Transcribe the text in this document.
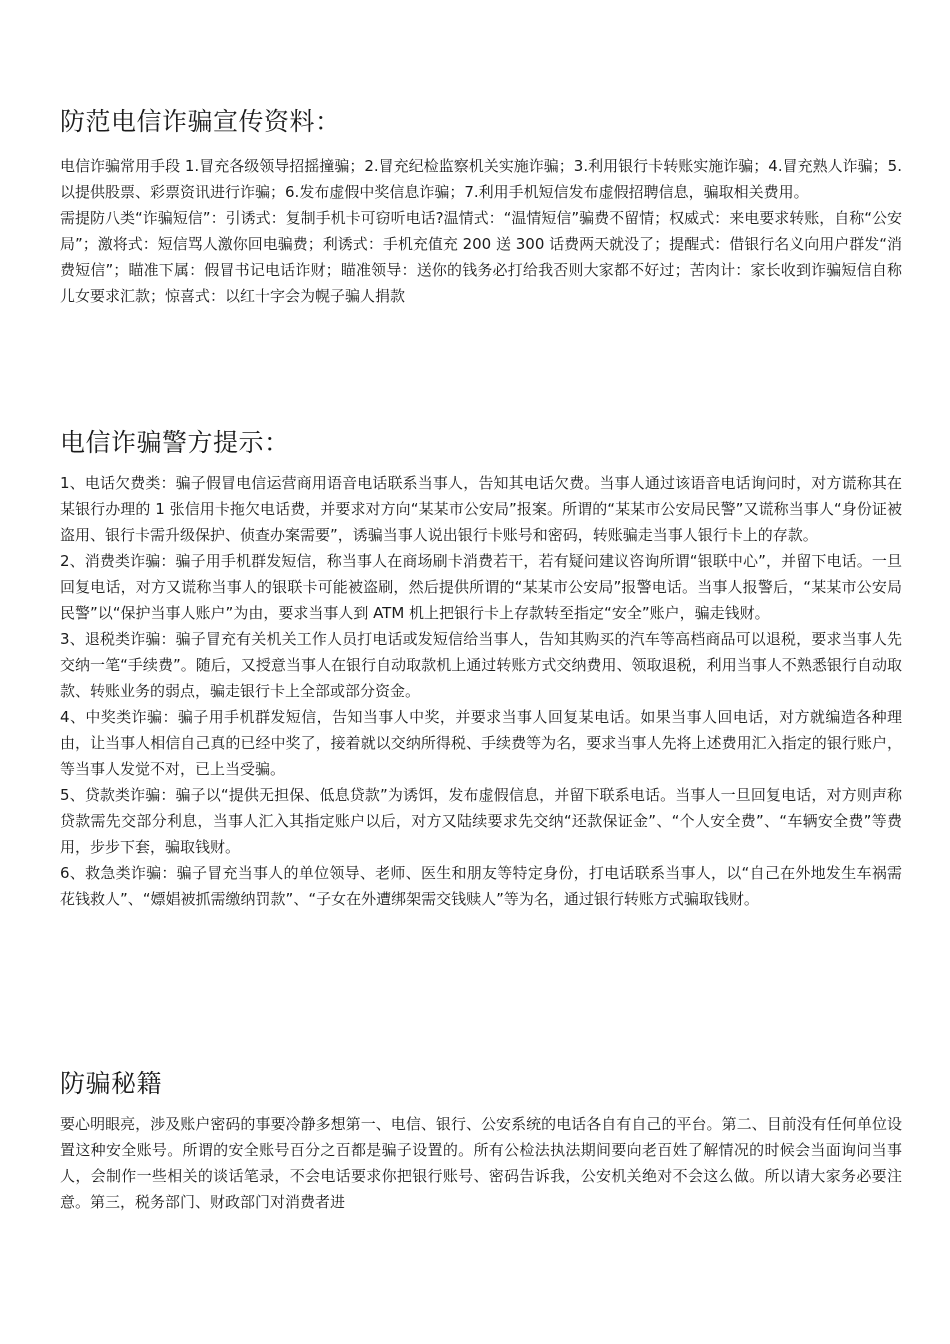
防范电信诈骗宣传资料：

电信诈骗常用手段 1.冒充各级领导招摇撞骗；2.冒充纪检监察机关实施诈骗；3.利用银行卡转账实施诈骗；4.冒充熟人诈骗；5.以提供股票、彩票资讯进行诈骗；6.发布虚假中奖信息诈骗；7.利用手机短信发布虚假招聘信息，骗取相关费用。

需提防八类“诈骗短信”：引诱式：复制手机卡可窃听电话?温情式：“温情短信”骗费不留情；权威式：来电要求转账，自称“公安局”；激将式：短信骂人激你回电骗费；利诱式：手机充值充 200 送 300 话费两天就没了；提醒式：借银行名义向用户群发“消费短信”；瞄准下属：假冒书记电话诈财；瞄准领导：送你的钱务必打给我否则大家都不好过；苦肉计：家长收到诈骗短信自称儿女要求汇款；惊喜式：以红十字会为幌子骗人捐款

电信诈骗警方提示：

1、电话欠费类：骗子假冒电信运营商用语音电话联系当事人，告知其电话欠费。当事人通过该语音电话询问时，对方谎称其在某银行办理的 1 张信用卡拖欠电话费，并要求对方向“某某市公安局”报案。所谓的“某某市公安局民警”又谎称当事人“身份证被盗用、银行卡需升级保护、侦查办案需要”，诱骗当事人说出银行卡账号和密码，转账骗走当事人银行卡上的存款。

2、消费类诈骗：骗子用手机群发短信，称当事人在商场刷卡消费若干，若有疑问建议咨询所谓“银联中心”，并留下电话。一旦回复电话，对方又谎称当事人的银联卡可能被盗刷，然后提供所谓的“某某市公安局”报警电话。当事人报警后，“某某市公安局民警”以“保护当事人账户”为由，要求当事人到 ATM 机上把银行卡上存款转至指定“安全”账户，骗走钱财。

3、退税类诈骗：骗子冒充有关机关工作人员打电话或发短信给当事人，告知其购买的汽车等高档商品可以退税，要求当事人先交纳一笔“手续费”。随后，又授意当事人在银行自动取款机上通过转账方式交纳费用、领取退税，利用当事人不熟悉银行自动取款、转账业务的弱点，骗走银行卡上全部或部分资金。

4、中奖类诈骗：骗子用手机群发短信，告知当事人中奖，并要求当事人回复某电话。如果当事人回电话，对方就编造各种理由，让当事人相信自己真的已经中奖了，接着就以交纳所得税、手续费等为名，要求当事人先将上述费用汇入指定的银行账户，等当事人发觉不对，已上当受骗。

5、贷款类诈骗：骗子以“提供无担保、低息贷款”为诱饵，发布虚假信息，并留下联系电话。当事人一旦回复电话，对方则声称贷款需先交部分利息，当事人汇入其指定账户以后，对方又陆续要求先交纳“还款保证金”、“个人安全费”、“车辆安全费”等费用，步步下套，骗取钱财。

6、救急类诈骗：骗子冒充当事人的单位领导、老师、医生和朋友等特定身份，打电话联系当事人，以“自己在外地发生车祸需花钱救人”、“嫖娼被抓需缴纳罚款”、“子女在外遭绑架需交钱赎人”等为名，通过银行转账方式骗取钱财。

防骗秘籍

要心明眼亮，涉及账户密码的事要冷静多想第一、电信、银行、公安系统的电话各自有自己的平台。第二、目前没有任何单位设置这种安全账号。所谓的安全账号百分之百都是骗子设置的。所有公检法执法期间要向老百姓了解情况的时候会当面询问当事人，会制作一些相关的谈话笔录，不会电话要求你把银行账号、密码告诉我，公安机关绝对不会这么做。所以请大家务必要注意。第三，税务部门、财政部门对消费者进
